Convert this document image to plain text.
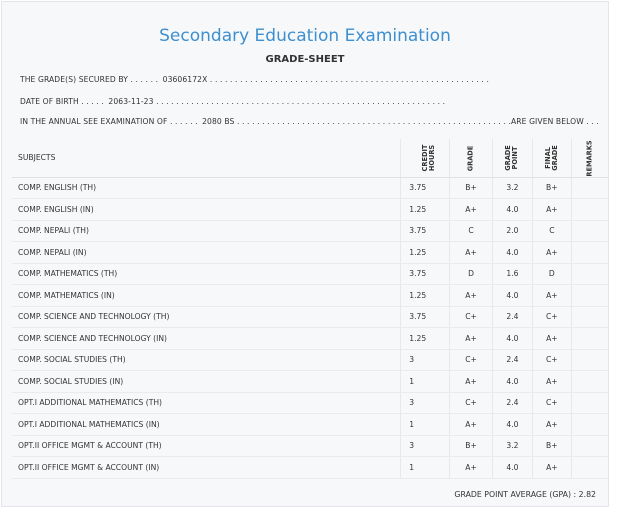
Secondary Education Examination
GRADE-SHEET
THE GRADE(S) SECURED BY . . . . . . 03606172X . . . . . . . . . . . . . . . . . . . . . . . . . . . . . . . . . . . . . . . . . . . . . . . . . . . . . . . .
DATE OF BIRTH . . . . . 2063-11-23 . . . . . . . . . . . . . . . . . . . . . . . . . . . . . . . . . . . . . . . . . . . . . . . . . . . . . . . . . .
IN THE ANNUAL SEE EXAMINATION OF . . . . . . 2080 BS . . . . . . . . . . . . . . . . . . . . . . . . . . . . . . . . . . . . . . . . . . . . . . . . . . . . . . .ARE GIVEN BELOW . . .
SUBJECTS	CREDIT HOURS	GRADE	GRADE POINT	FINAL GRADE	REMARKS
COMP. ENGLISH (TH)	3.75	B+	3.2	B+	
COMP. ENGLISH (IN)	1.25	A+	4.0	A+	
COMP. NEPALI (TH)	3.75	C	2.0	C	
COMP. NEPALI (IN)	1.25	A+	4.0	A+	
COMP. MATHEMATICS (TH)	3.75	D	1.6	D	
COMP. MATHEMATICS (IN)	1.25	A+	4.0	A+	
COMP. SCIENCE AND TECHNOLOGY (TH)	3.75	C+	2.4	C+	
COMP. SCIENCE AND TECHNOLOGY (IN)	1.25	A+	4.0	A+	
COMP. SOCIAL STUDIES (TH)	3	C+	2.4	C+	
COMP. SOCIAL STUDIES (IN)	1	A+	4.0	A+	
OPT.I ADDITIONAL MATHEMATICS (TH)	3	C+	2.4	C+	
OPT.I ADDITIONAL MATHEMATICS (IN)	1	A+	4.0	A+	
OPT.II OFFICE MGMT & ACCOUNT (TH)	3	B+	3.2	B+	
OPT.II OFFICE MGMT & ACCOUNT (IN)	1	A+	4.0	A+	
GRADE POINT AVERAGE (GPA) : 2.82
